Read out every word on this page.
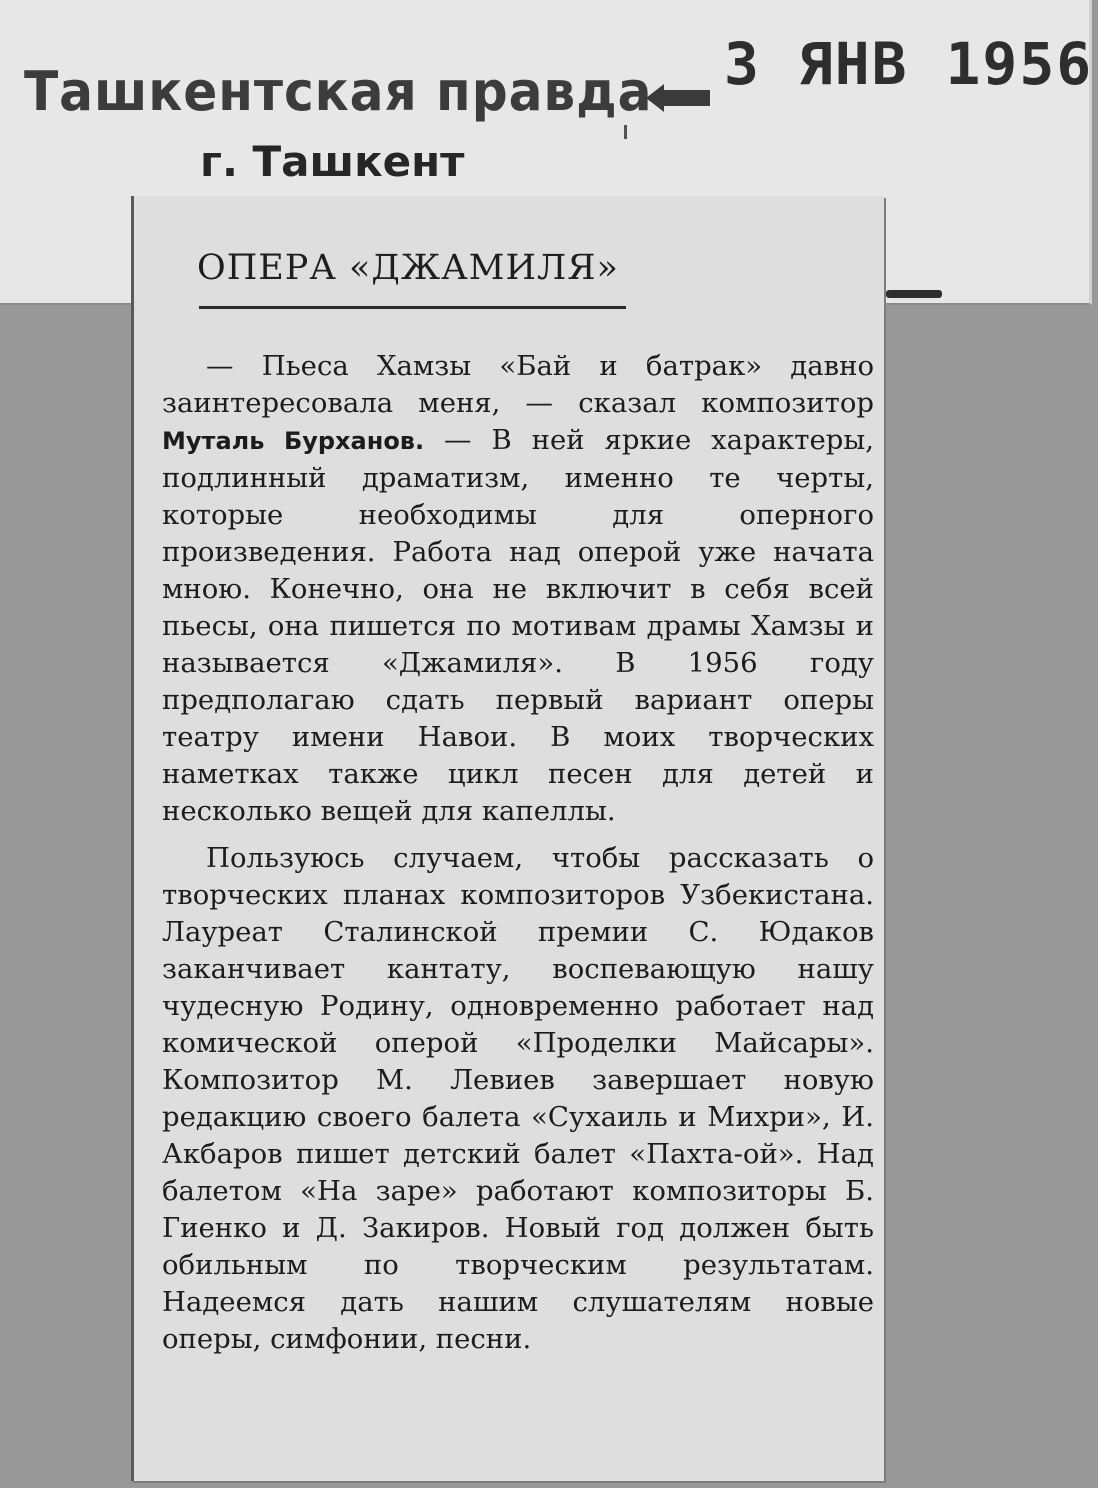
Ташкентская правда 3 ЯНВ 1956
г. Ташкент
ОПЕРА «ДЖАМИЛЯ»

— Пьеса Хамзы «Бай и батрак» давно заинтересовала меня, — сказал композитор Муталь Бурханов. — В ней яркие характеры, подлинный драматизм, именно те черты, которые необходимы для оперного произведения. Работа над оперой уже начата мною. Конечно, она не включит в себя всей пьесы, она пишется по мотивам драмы Хамзы и называется «Джамиля». В 1956 году предполагаю сдать первый вариант оперы театру имени Навои. В моих творческих наметках также цикл песен для детей и несколько вещей для капеллы.

Пользуюсь случаем, чтобы рассказать о творческих планах композиторов Узбекистана. Лауреат Сталинской премии С. Юдаков заканчивает кантату, воспевающую нашу чудесную Родину, одновременно работает над комической оперой «Проделки Майсары». Композитор М. Левиев завершает новую редакцию своего балета «Сухаиль и Михри», И. Акбаров пишет детский балет «Пахта-ой». Над балетом «На заре» работают композиторы Б. Гиенко и Д. Закиров. Новый год должен быть обильным по творческим результатам. Надеемся дать нашим слушателям новые оперы, симфонии, песни.
